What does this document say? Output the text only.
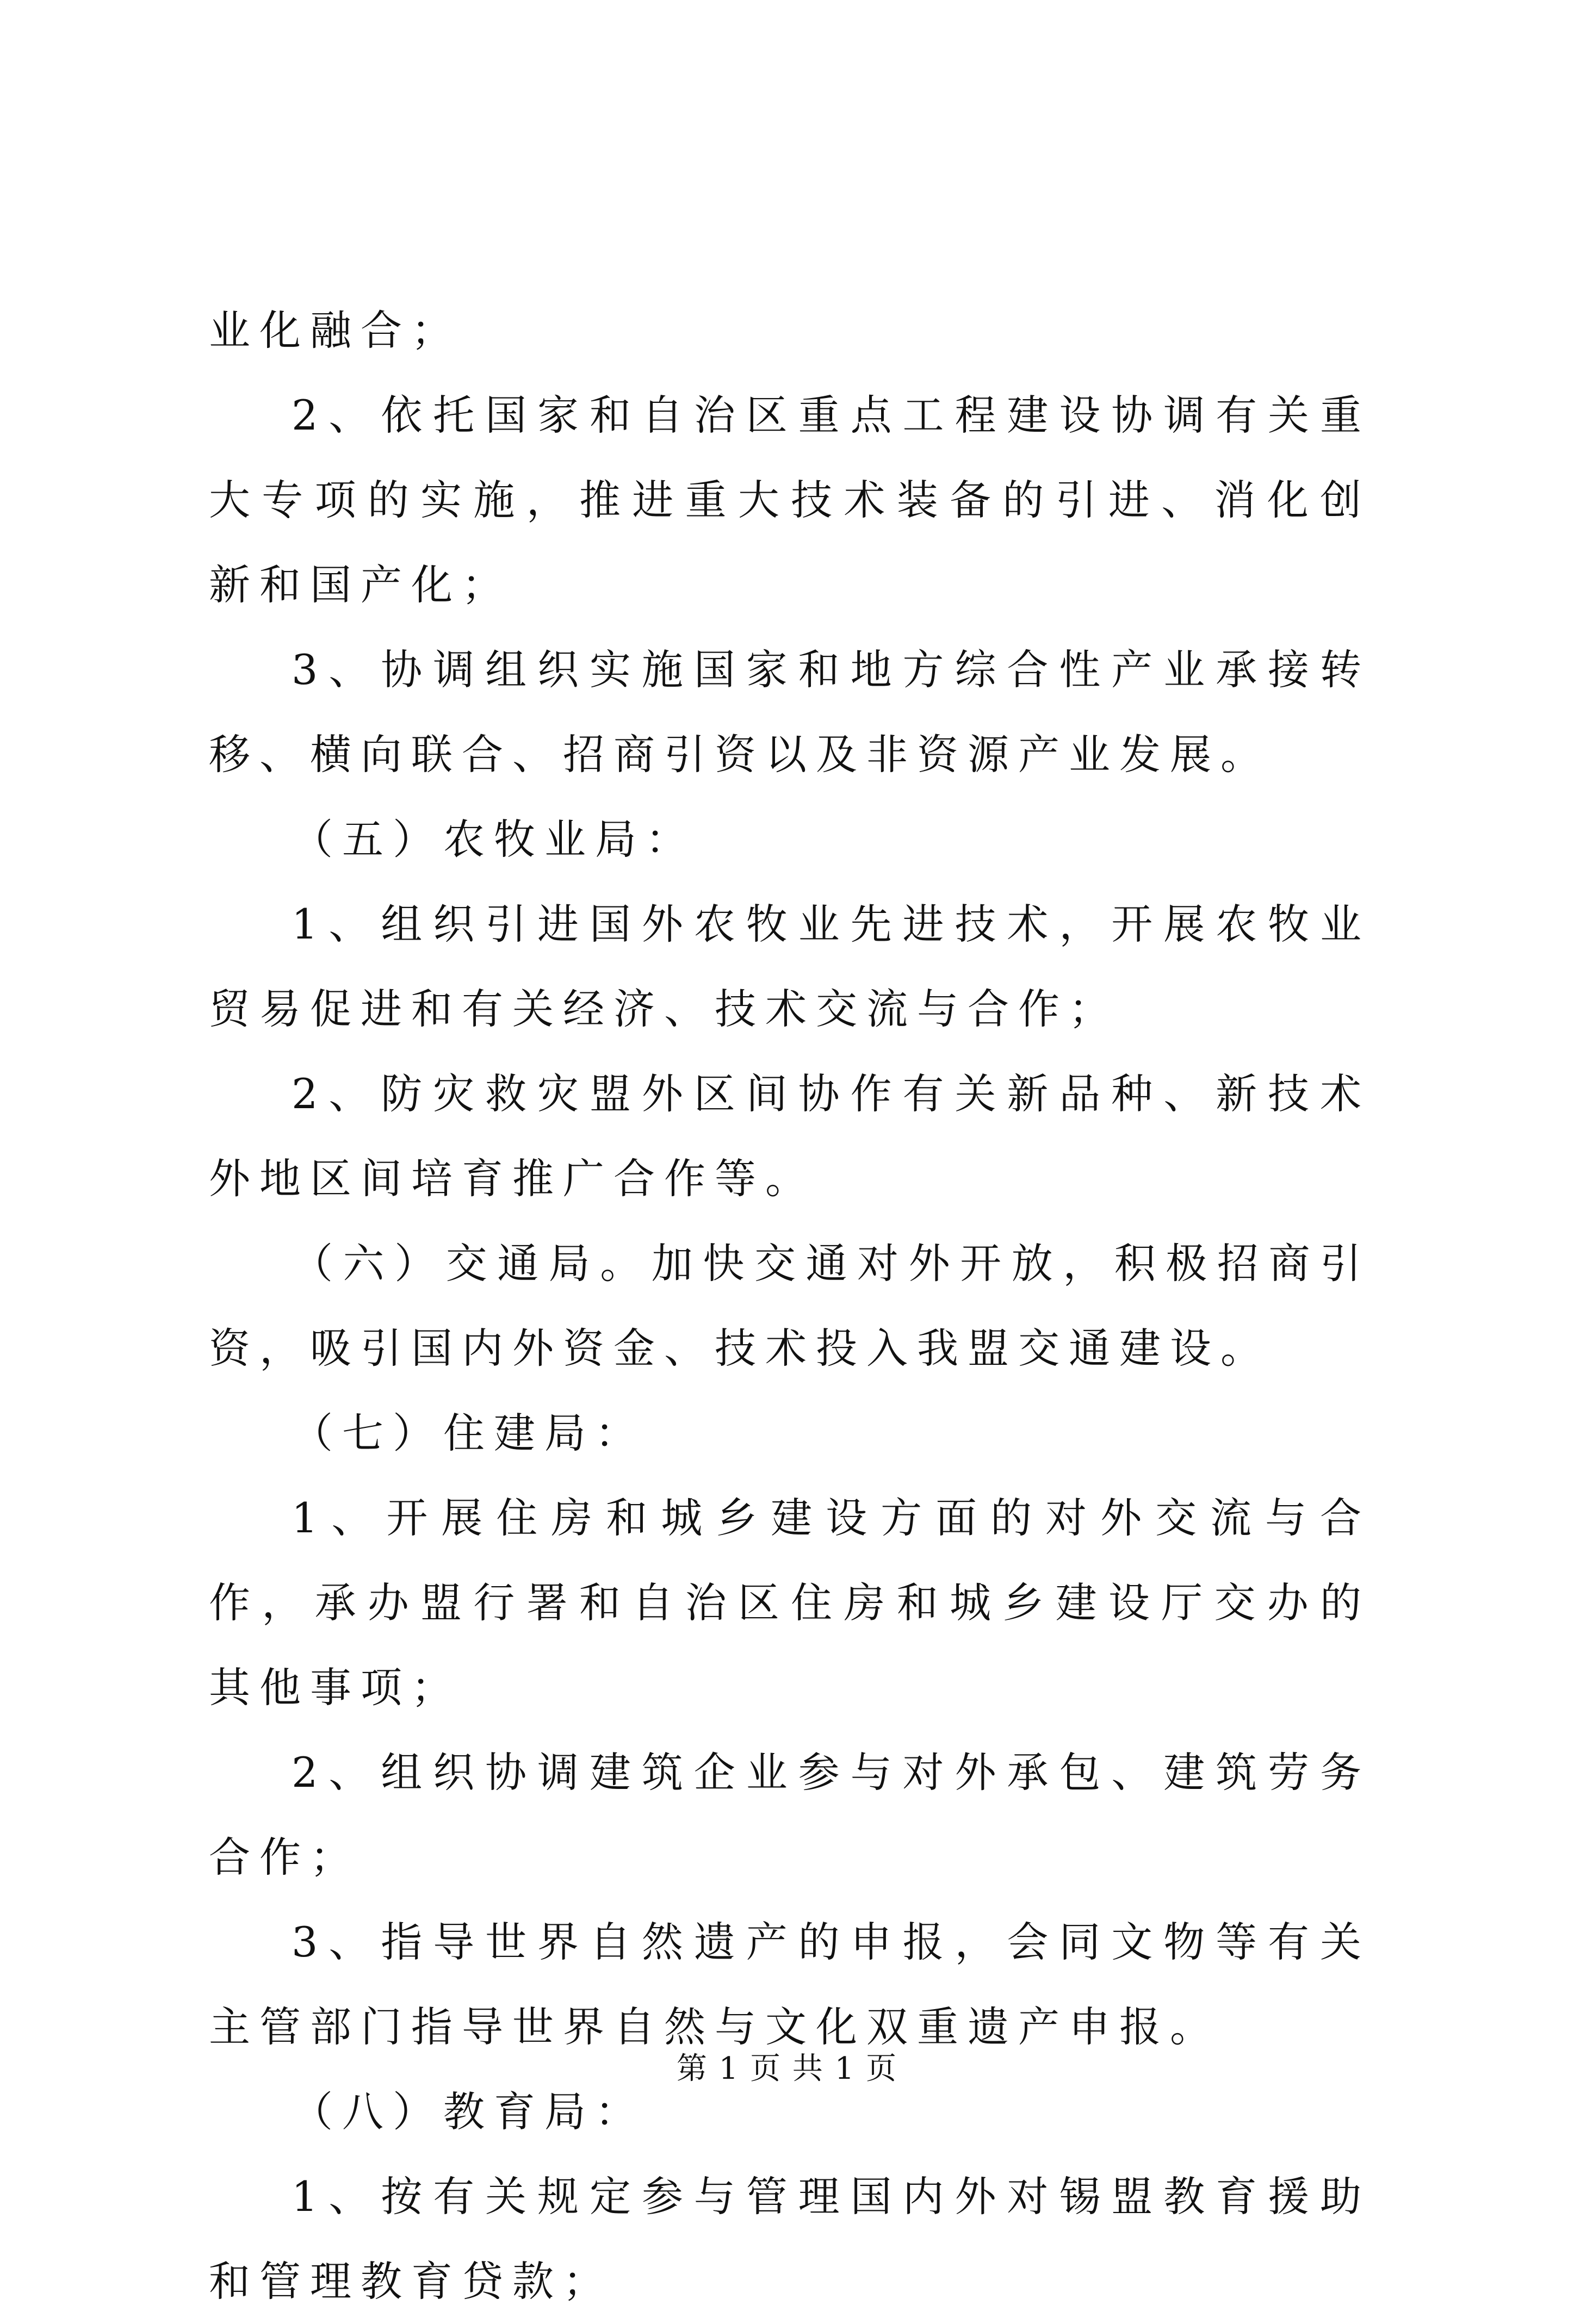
业化融合；

2、依托国家和自治区重点工程建设协调有关重大专项的实施，推进重大技术装备的引进、消化创新和国产化；

3、协调组织实施国家和地方综合性产业承接转移、横向联合、招商引资以及非资源产业发展。

（五）农牧业局：

1、组织引进国外农牧业先进技术，开展农牧业贸易促进和有关经济、技术交流与合作；

2、防灾救灾盟外区间协作有关新品种、新技术外地区间培育推广合作等。

（六）交通局。加快交通对外开放，积极招商引资，吸引国内外资金、技术投入我盟交通建设。

（七）住建局：

1、开展住房和城乡建设方面的对外交流与合作，承办盟行署和自治区住房和城乡建设厅交办的其他事项；

2、组织协调建筑企业参与对外承包、建筑劳务合作；

3、指导世界自然遗产的申报，会同文物等有关主管部门指导世界自然与文化双重遗产申报。

（八）教育局：

1、按有关规定参与管理国内外对锡盟教育援助和管理教育贷款；

第 1 页 共 1 页
